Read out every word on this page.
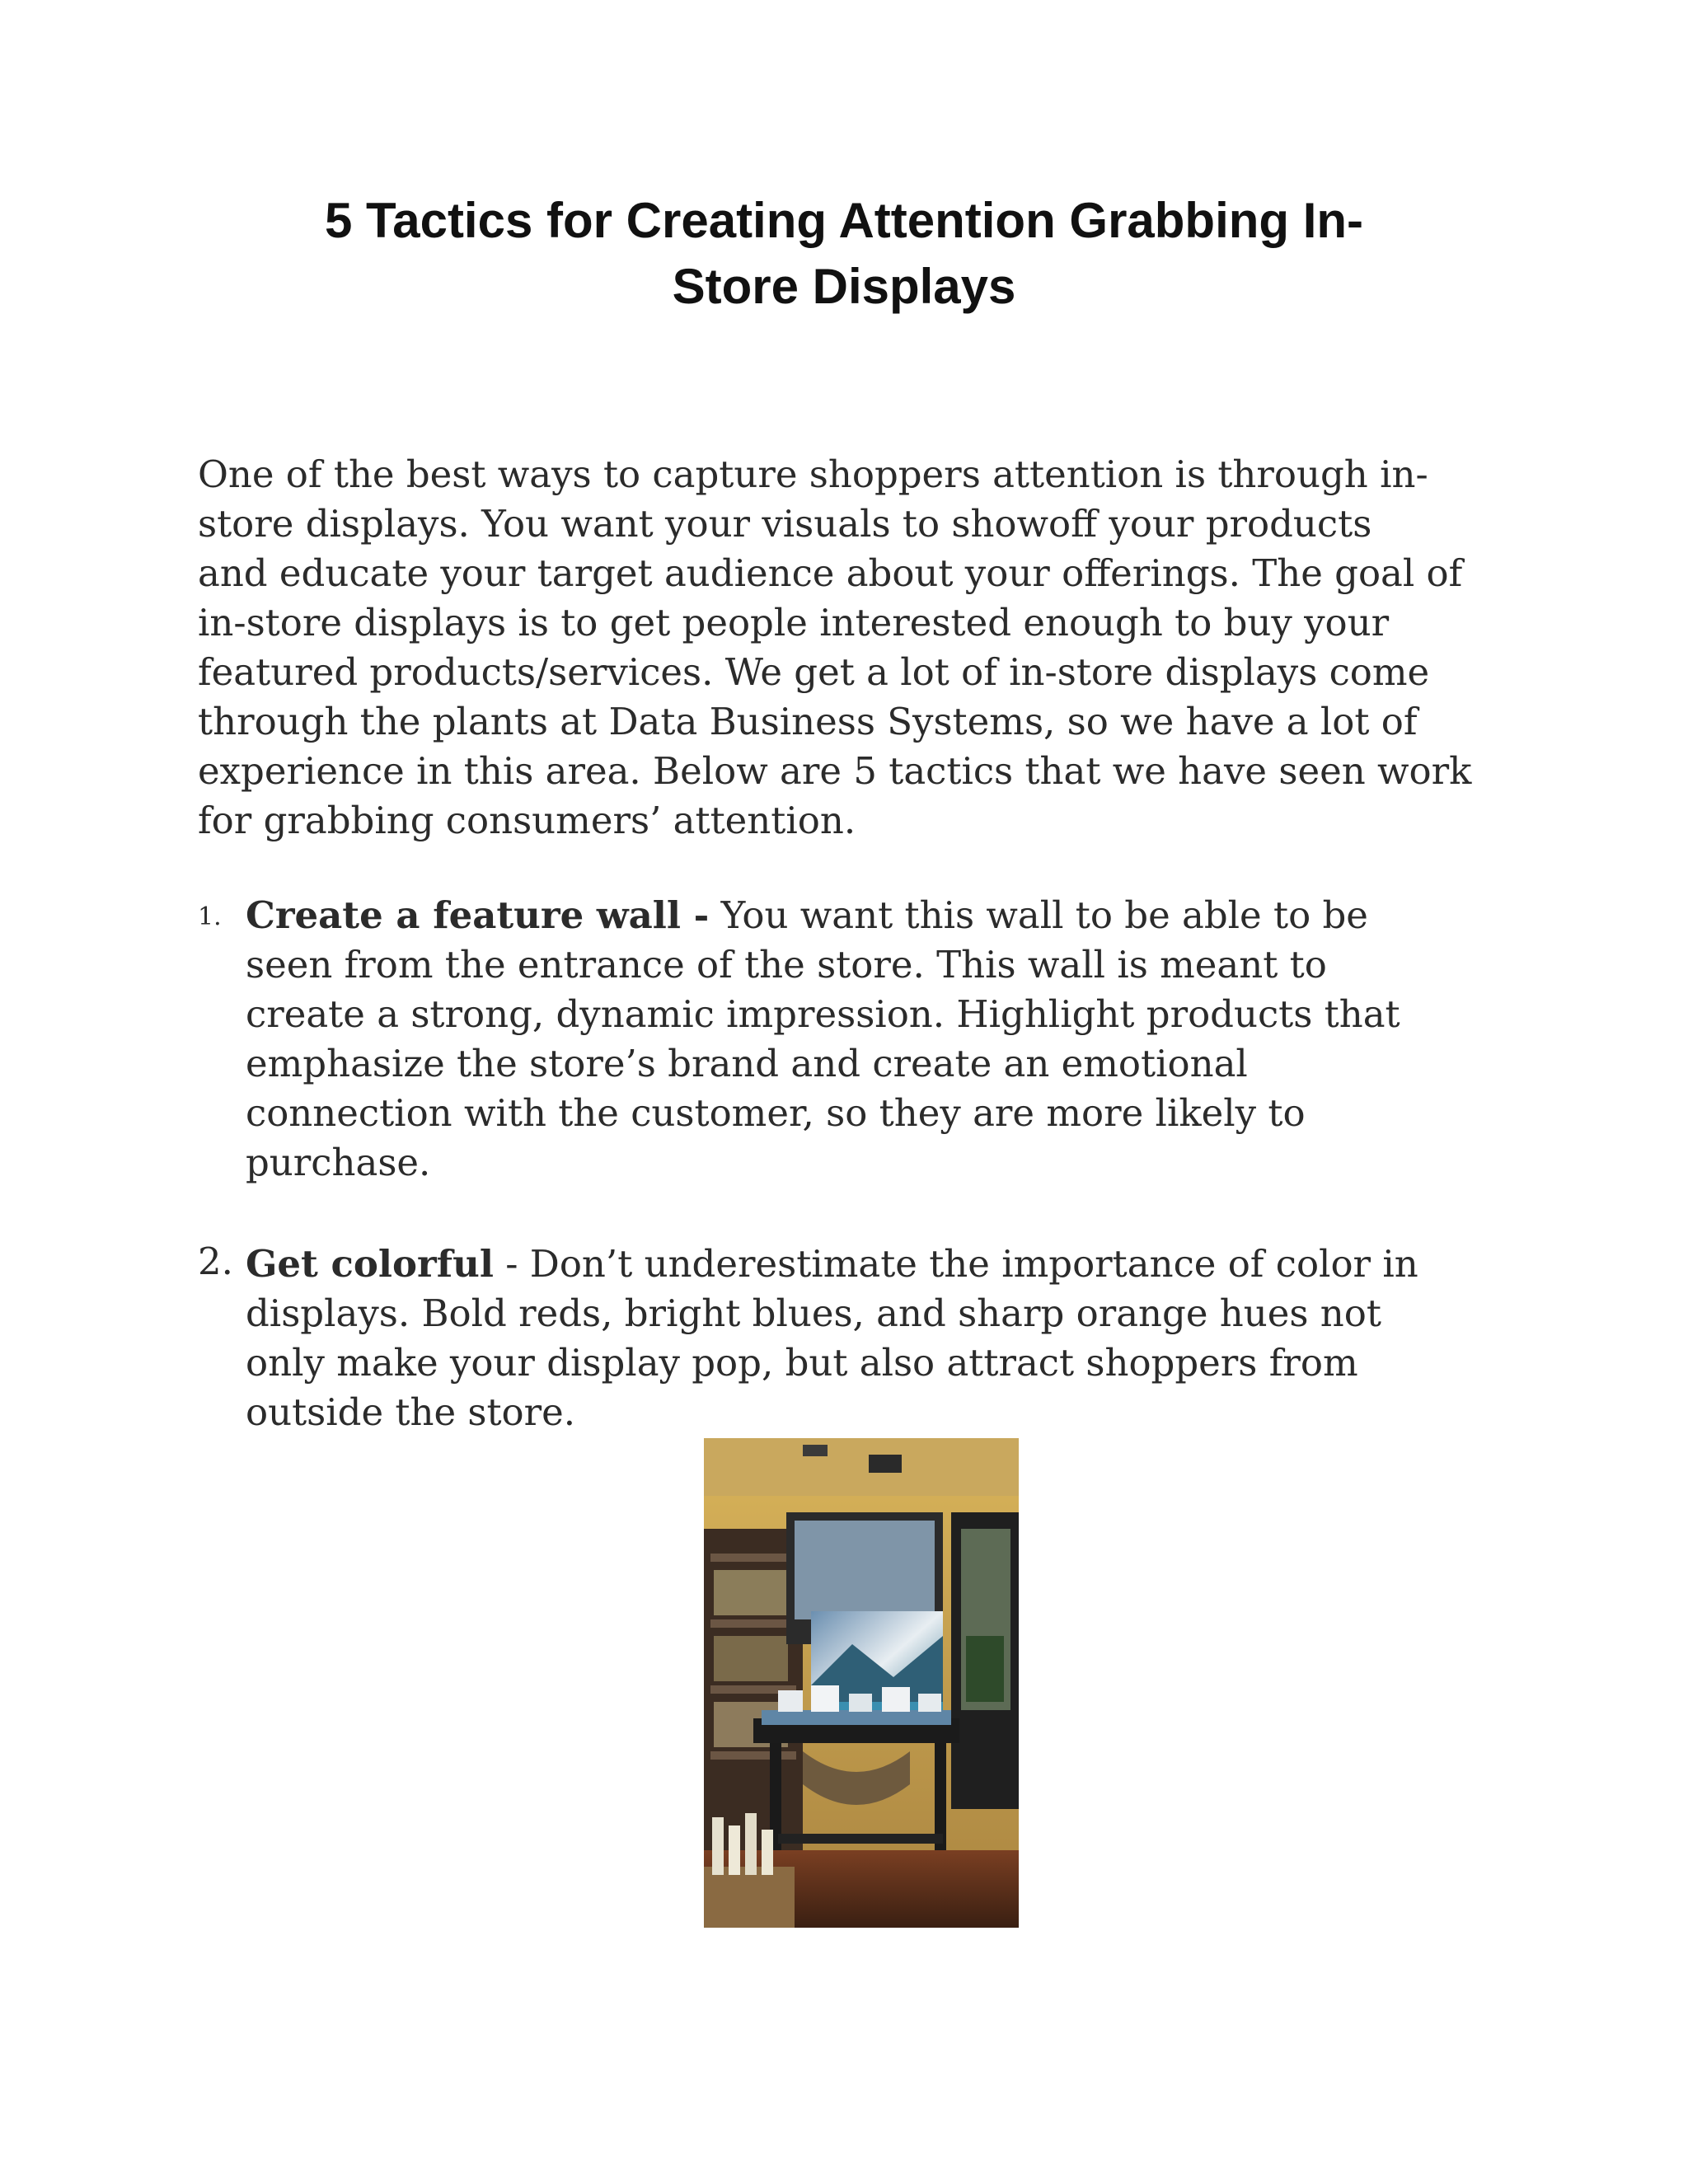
5 Tactics for Creating Attention Grabbing In-
Store Displays

One of the best ways to capture shoppers attention is through in-
store displays. You want your visuals to showoff your products
and educate your target audience about your offerings. The goal of
in-store displays is to get people interested enough to buy your
featured products/services. We get a lot of in-store displays come
through the plants at Data Business Systems, so we have a lot of
experience in this area. Below are 5 tactics that we have seen work
for grabbing consumers’ attention.

1. Create a feature wall - You want this wall to be able to be
seen from the entrance of the store. This wall is meant to
create a strong, dynamic impression. Highlight products that
emphasize the store’s brand and create an emotional
connection with the customer, so they are more likely to
purchase.
2. Get colorful - Don’t underestimate the importance of color in
displays. Bold reds, bright blues, and sharp orange hues not
only make your display pop, but also attract shoppers from
outside the store.
